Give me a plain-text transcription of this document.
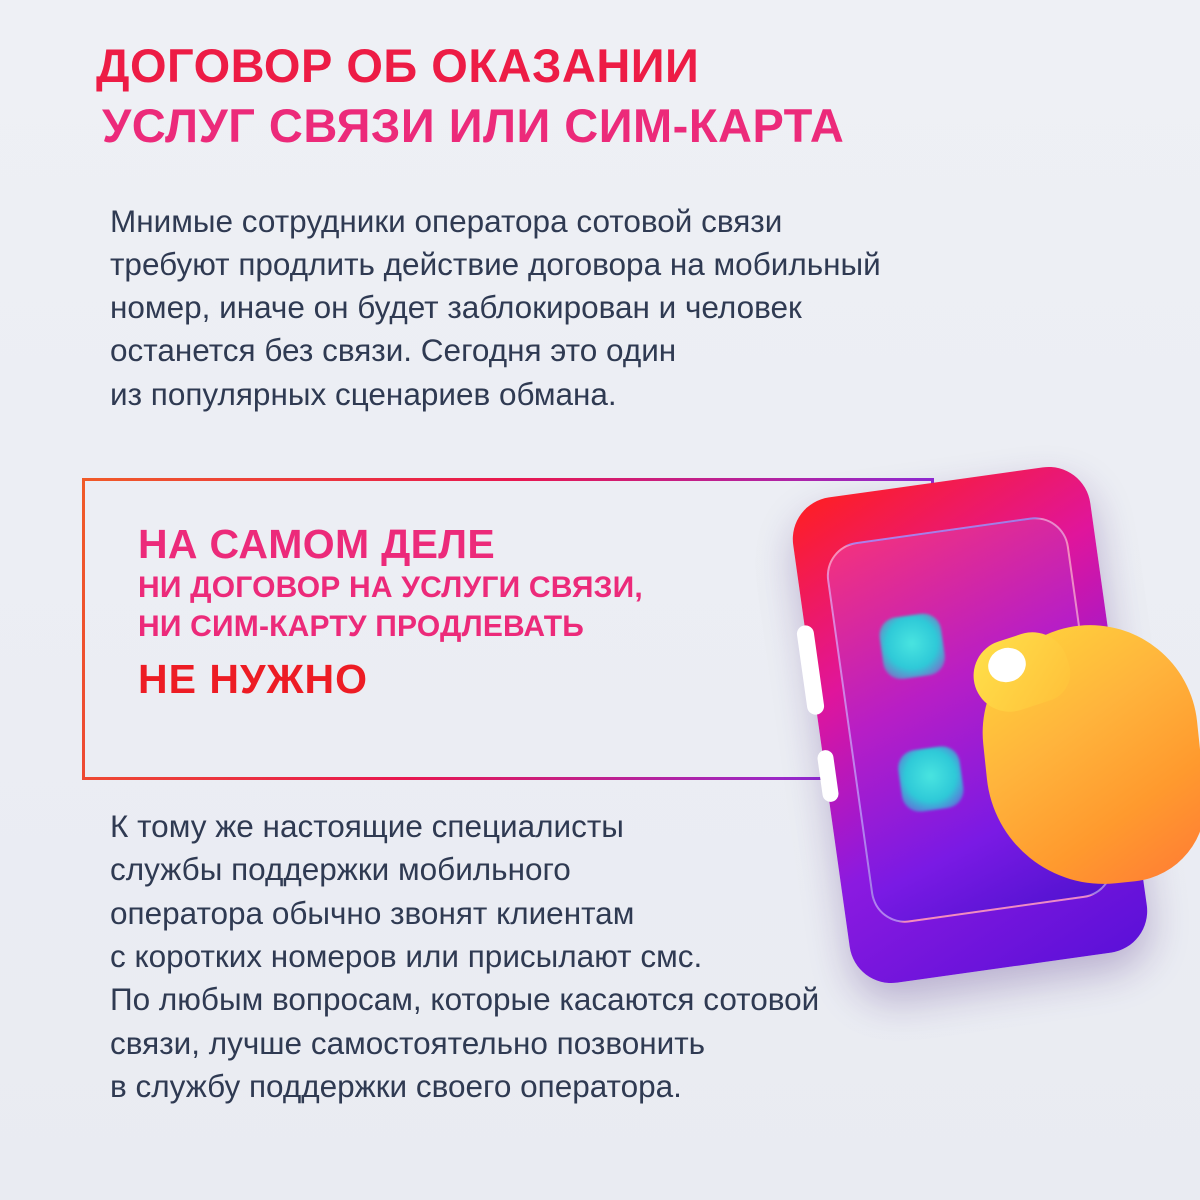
ДОГОВОР ОБ ОКАЗАНИИ
УСЛУГ СВЯЗИ ИЛИ СИМ-КАРТА
Мнимые сотрудники оператора сотовой связи
требуют продлить действие договора на мобильный
номер, иначе он будет заблокирован и человек
останется без связи. Сегодня это один
из популярных сценариев обмана.
НА САМОМ ДЕЛЕ
НИ ДОГОВОР НА УСЛУГИ СВЯЗИ,
НИ СИМ-КАРТУ ПРОДЛЕВАТЬ
НЕ НУЖНО
К тому же настоящие специалисты
службы поддержки мобильного
оператора обычно звонят клиентам
с коротких номеров или присылают смс.
По любым вопросам, которые касаются сотовой
связи, лучше самостоятельно позвонить
в службу поддержки своего оператора.
